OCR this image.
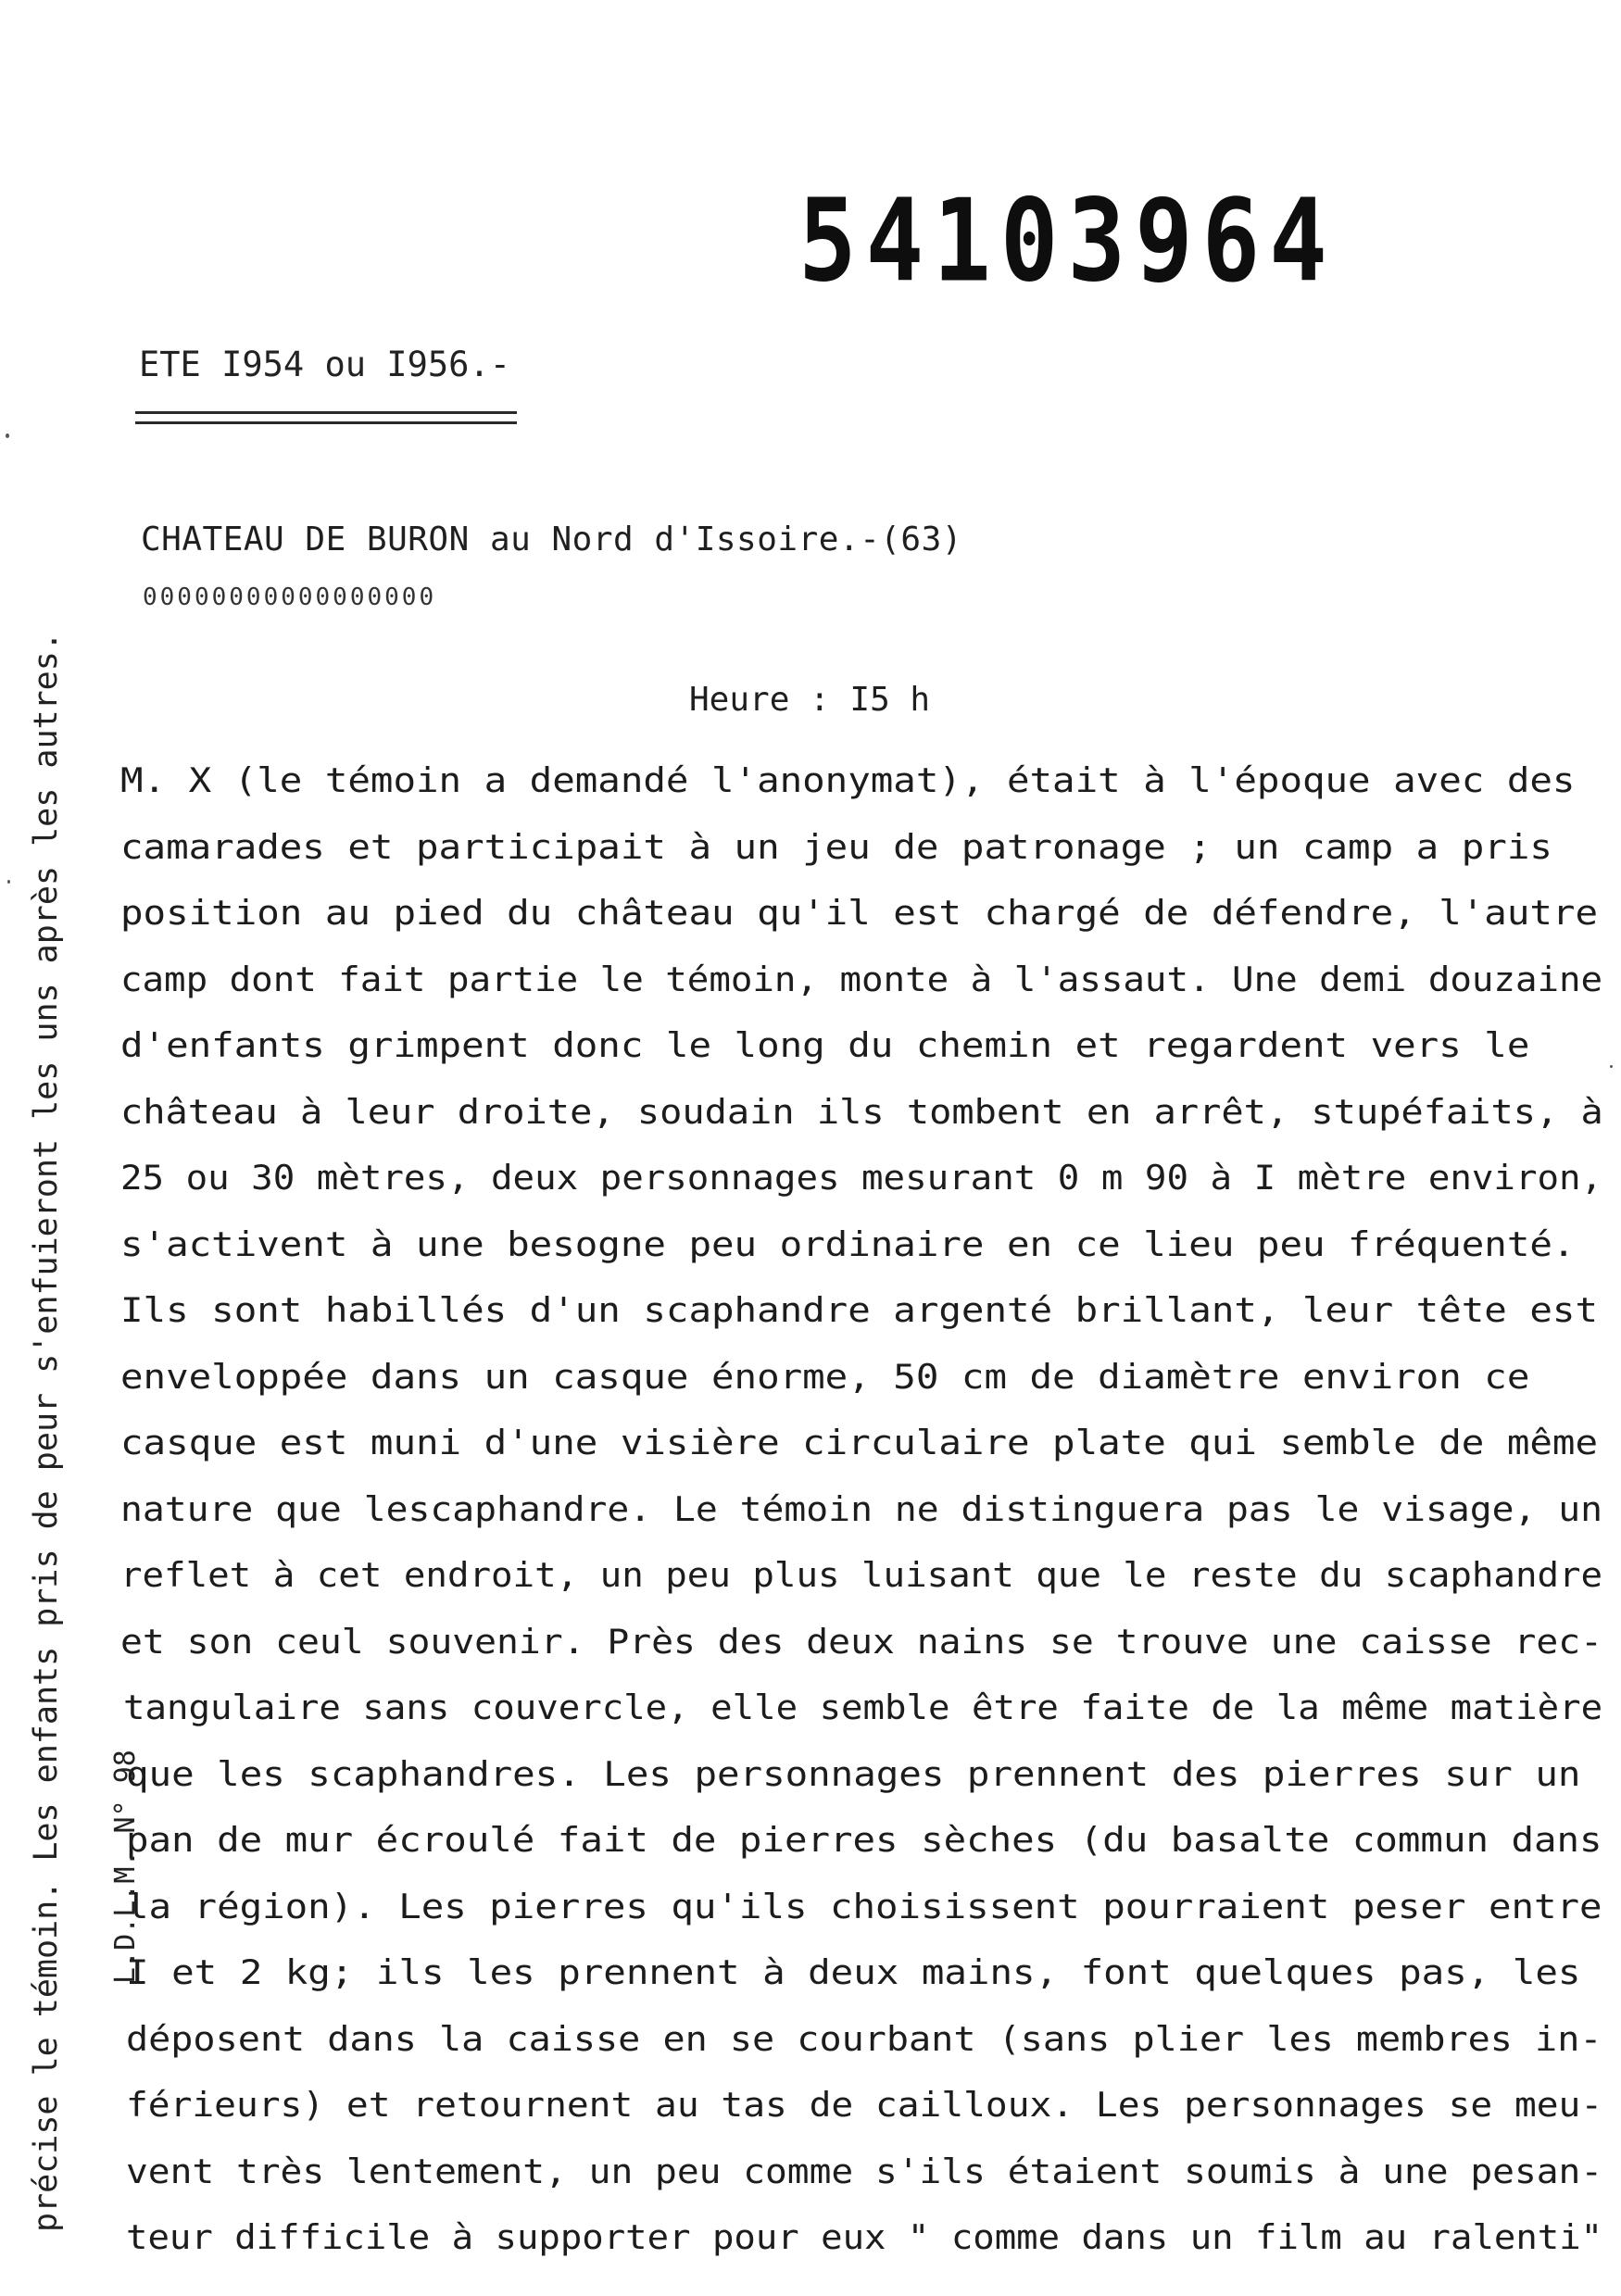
54103964
ETE I954 ou I956.-
CHATEAU DE BURON au Nord d'Issoire.-(63)
00000000000000000
Heure : I5 h
M. X (le témoin a demandé l'anonymat), était à l'époque avec des
camarades et participait à un jeu de patronage ; un camp a pris
position au pied du château qu'il est chargé de défendre, l'autre
camp dont fait partie le témoin, monte à l'assaut. Une demi douzaine
d'enfants grimpent donc le long du chemin et regardent vers le
château à leur droite, soudain ils tombent en arrêt, stupéfaits, à
25 ou 30 mètres, deux personnages mesurant 0 m 90 à I mètre environ,
s'activent à une besogne peu ordinaire en ce lieu peu fréquenté.
Ils sont habillés d'un scaphandre argenté brillant, leur tête est
enveloppée dans un casque énorme, 50 cm de diamètre environ ce
casque est muni d'une visière circulaire plate qui semble de même
nature que lescaphandre. Le témoin ne distinguera pas le visage, un
reflet à cet endroit, un peu plus luisant que le reste du scaphandre
et son ceul souvenir. Près des deux nains se trouve une caisse rec-
tangulaire sans couvercle, elle semble être faite de la même matière
que les scaphandres. Les personnages prennent des pierres sur un
pan de mur écroulé fait de pierres sèches (du basalte commun dans
la région). Les pierres qu'ils choisissent pourraient peser entre
I et 2 kg; ils les prennent à deux mains, font quelques pas, les
déposent dans la caisse en se courbant (sans plier les membres in-
férieurs) et retournent au tas de cailloux. Les personnages se meu-
vent très lentement, un peu comme s'ils étaient soumis à une pesan-
teur difficile à supporter pour eux " comme dans un film au ralenti"
précise le témoin. Les enfants pris de peur s'enfuieront les uns après les autres. L.D.L.M. N° 98
